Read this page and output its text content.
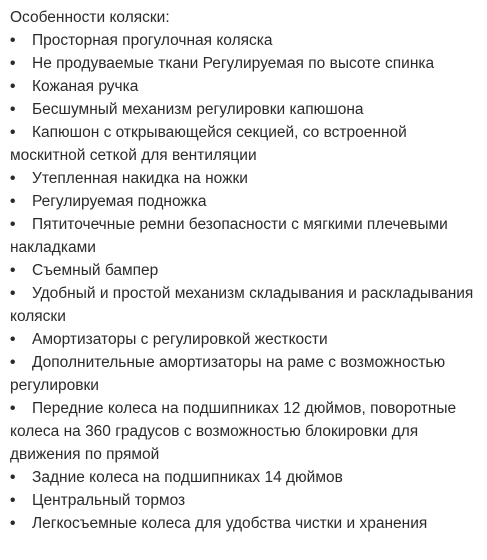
Особенности коляски:

• Просторная прогулочная коляска
• Не продуваемые ткани Регулируемая по высоте спинка
• Кожаная ручка
• Бесшумный механизм регулировки капюшона
• Капюшон с открывающейся секцией, со встроенной москитной сеткой для вентиляции
• Утепленная накидка на ножки
• Регулируемая подножка
• Пятиточечные ремни безопасности с мягкими плечевыми накладками
• Съемный бампер
• Удобный и простой механизм складывания и раскладывания коляски
• Амортизаторы с регулировкой жесткости
• Дополнительные амортизаторы на раме с возможностью регулировки
• Передние колеса на подшипниках 12 дюймов, поворотные колеса на 360 градусов с возможностью блокировки для движения по прямой
• Задние колеса на подшипниках 14 дюймов
• Центральный тормоз
• Легкосъемные колеса для удобства чистки и хранения
